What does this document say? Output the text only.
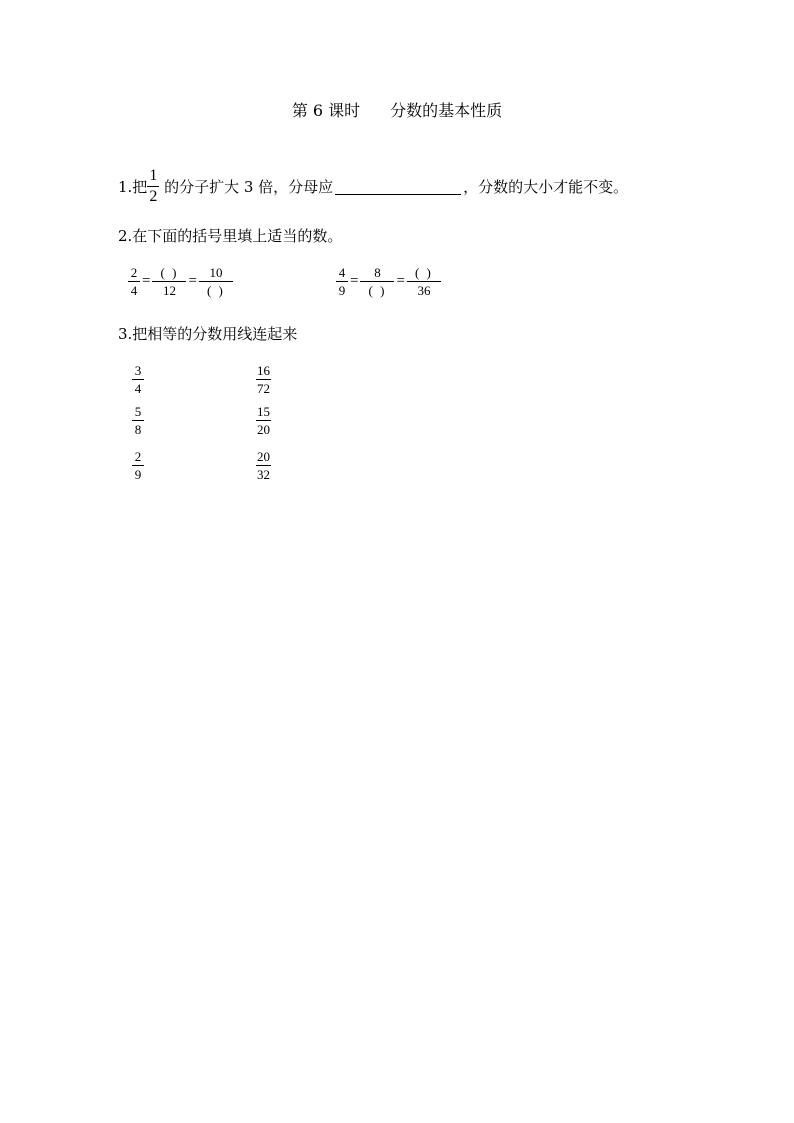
第 6 课时 分数的基本性质
1.把 $\frac{1}{2}$ 的分子扩大 3 倍，分母应	，分数的大小才能不变。
2.在下面的括号里填上适当的数。
$\frac{2}{4} = \frac{( )}{12} = \frac{10}{( )}$	$\frac{4}{9} = \frac{8}{( )} = \frac{( )}{36}$
3.把相等的分数用线连起来
$\frac{3}{4}$
$\frac{5}{8}$
$\frac{2}{9}$
$\frac{16}{72}$
$\frac{15}{20}$
$\frac{20}{32}$
